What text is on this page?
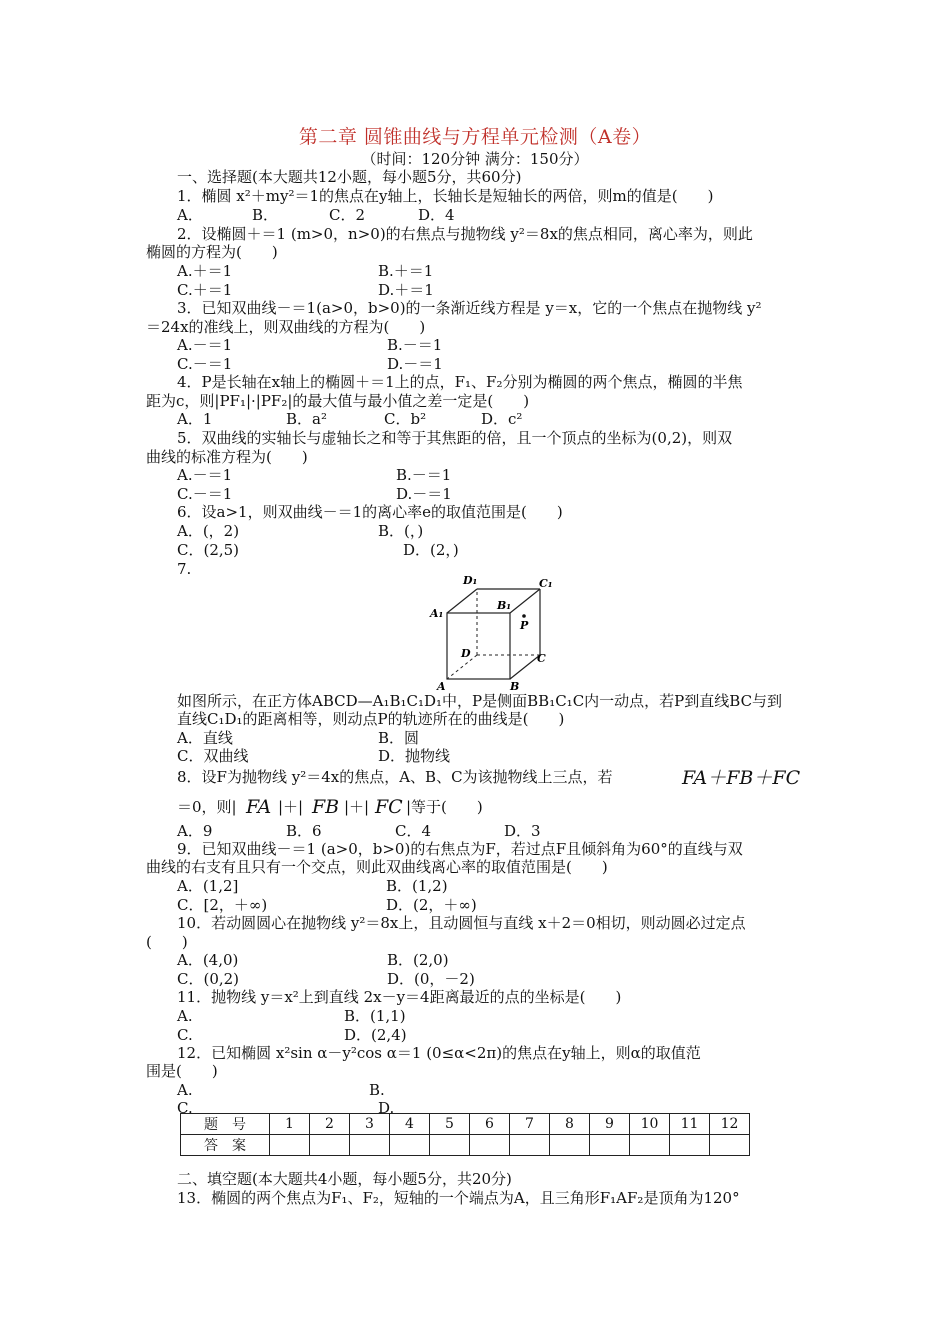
第二章 圆锥曲线与方程单元检测（A卷）
（时间：120分钟 满分：150分）
一、选择题(本大题共12小题，每小题5分，共60分)
1．椭圆 x²＋my²＝1的焦点在y轴上，长轴长是短轴长的两倍，则m的值是(　　)
A．	B．	C．2	D．4
2．设椭圆＋＝1 (m>0，n>0)的右焦点与抛物线 y²＝8x的焦点相同，离心率为，则此
椭圆的方程为(　　)
A.＋＝1	B.＋＝1
C.＋＝1	D.＋＝1
3．已知双曲线－＝1(a>0，b>0)的一条渐近线方程是 y＝x，它的一个焦点在抛物线 y²
＝24x的准线上，则双曲线的方程为(　　)
A.－＝1	B.－＝1
C.－＝1	D.－＝1
4．P是长轴在x轴上的椭圆＋＝1上的点，F₁、F₂分别为椭圆的两个焦点，椭圆的半焦
距为c，则|PF₁|·|PF₂|的最大值与最小值之差一定是(　　)
A．1	B．a²	C．b²	D．c²
5．双曲线的实轴长与虚轴长之和等于其焦距的倍，且一个顶点的坐标为(0,2)，则双
曲线的标准方程为(　　)
A.－＝1	B.－＝1
C.－＝1	D.－＝1
6．设a>1，则双曲线－＝1的离心率e的取值范围是(　　)
A．(，2)	B．(，)
C．(2,5)	D．(2，)
7.
D₁	C₁
A₁
B₁
P
D	C
A	B
如图所示，在正方体ABCD—A₁B₁C₁D₁中，P是侧面BB₁C₁C内一动点，若P到直线BC与到
直线C₁D₁的距离相等，则动点P的轨迹所在的曲线是(　　)
A．直线	B．圆
C．双曲线	D．抛物线
8．设F为抛物线 y²＝4x的焦点，A、B、C为该抛物线上三点，若	FA＋FB＋FC
＝0，则| FA |＋| FB |＋| FC |等于(　　)
A．9	B．6	C．4	D．3
9．已知双曲线－＝1 (a>0，b>0)的右焦点为F，若过点F且倾斜角为60°的直线与双
曲线的右支有且只有一个交点，则此双曲线离心率的取值范围是(　　)
A．(1,2]	B．(1,2)
C．[2，＋∞)	D．(2，＋∞)
10．若动圆圆心在抛物线 y²＝8x上，且动圆恒与直线 x＋2＝0相切，则动圆必过定点
(　　)
A．(4,0)	B．(2,0)
C．(0,2)	D．(0，－2)
11．抛物线 y＝x²上到直线 2x－y＝4距离最近的点的坐标是(　　)
A.	B．(1,1)
C.	D．(2,4)
12．已知椭圆 x²sin α－y²cos α＝1 (0≤α<2π)的焦点在y轴上，则α的取值范
围是(　　)
A.	B.
C.	D.
题　号	1	2	3	4	5	6	7	8	9	10	11	12
答　案												
二、填空题(本大题共4小题，每小题5分，共20分)
13．椭圆的两个焦点为F₁、F₂，短轴的一个端点为A，且三角形F₁AF₂是顶角为120°
